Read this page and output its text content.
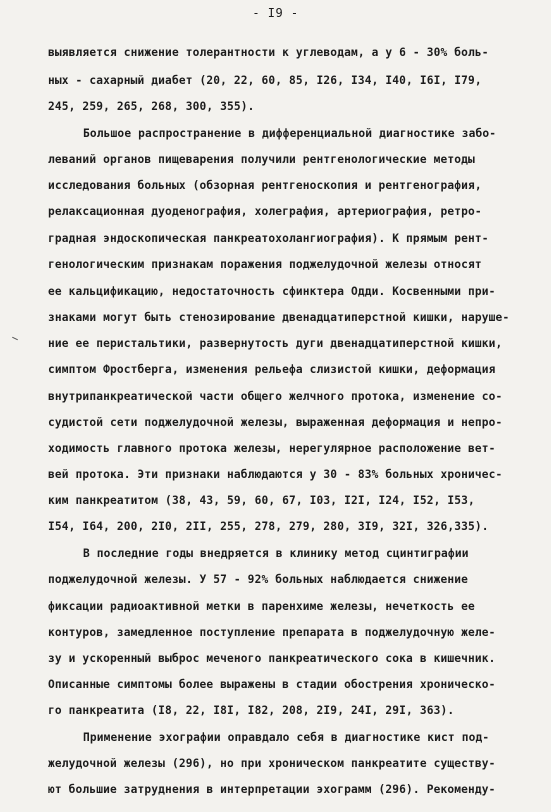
- I9 -
выявляется снижение толерантности к углеводам, а у 6 - 30% боль-
ных - сахарный диабет (20, 22, 60, 85, I26, I34, I40, I6I, I79,
245, 259, 265, 268, 300, 355).
Большое распространение в дифференциальной диагностике забо-
леваний органов пищеварения получили рентгенологические методы
исследования больных (обзорная рентгеноскопия и рентгенография,
релаксационная дуоденография, холеграфия, артериография, ретро-
градная эндоскопическая панкреатохолангиография). К прямым рент-
генологическим признакам поражения поджелудочной железы относят
ее кальцификацию, недостаточность сфинктера Одди. Косвенными при-
знаками могут быть стенозирование двенадцатиперстной кишки, наруше-
ние ее перистальтики, развернутость дуги двенадцатиперстной кишки,
симптом Фростберга, изменения рельефа слизистой кишки, деформация
внутрипанкреатической части общего желчного протока, изменение со-
судистой сети поджелудочной железы, выраженная деформация и непро-
ходимость главного протока железы, нерегулярное расположение вет-
вей протока. Эти признаки наблюдаются у 30 - 83% больных хроничес-
ким панкреатитом (38, 43, 59, 60, 67, I03, I2I, I24, I52, I53,
I54, I64, 200, 2I0, 2II, 255, 278, 279, 280, 3I9, 32I, 326,335).
В последние годы внедряется в клинику метод сцинтиграфии
поджелудочной железы. У 57 - 92% больных наблюдается снижение
фиксации радиоактивной метки в паренхиме железы, нечеткость ее
контуров, замедленное поступление препарата в поджелудочную желе-
зу и ускоренный выброс меченого панкреатического сока в кишечник.
Описанные симптомы более выражены в стадии обострения хроническо-
го панкреатита (I8, 22, I8I, I82, 208, 2I9, 24I, 29I, 363).
Применение эхографии оправдало себя в диагностике кист под-
желудочной железы (296), но при хроническом панкреатите существу-
ют большие затруднения в интерпретации эхограмм (296). Рекоменду-
